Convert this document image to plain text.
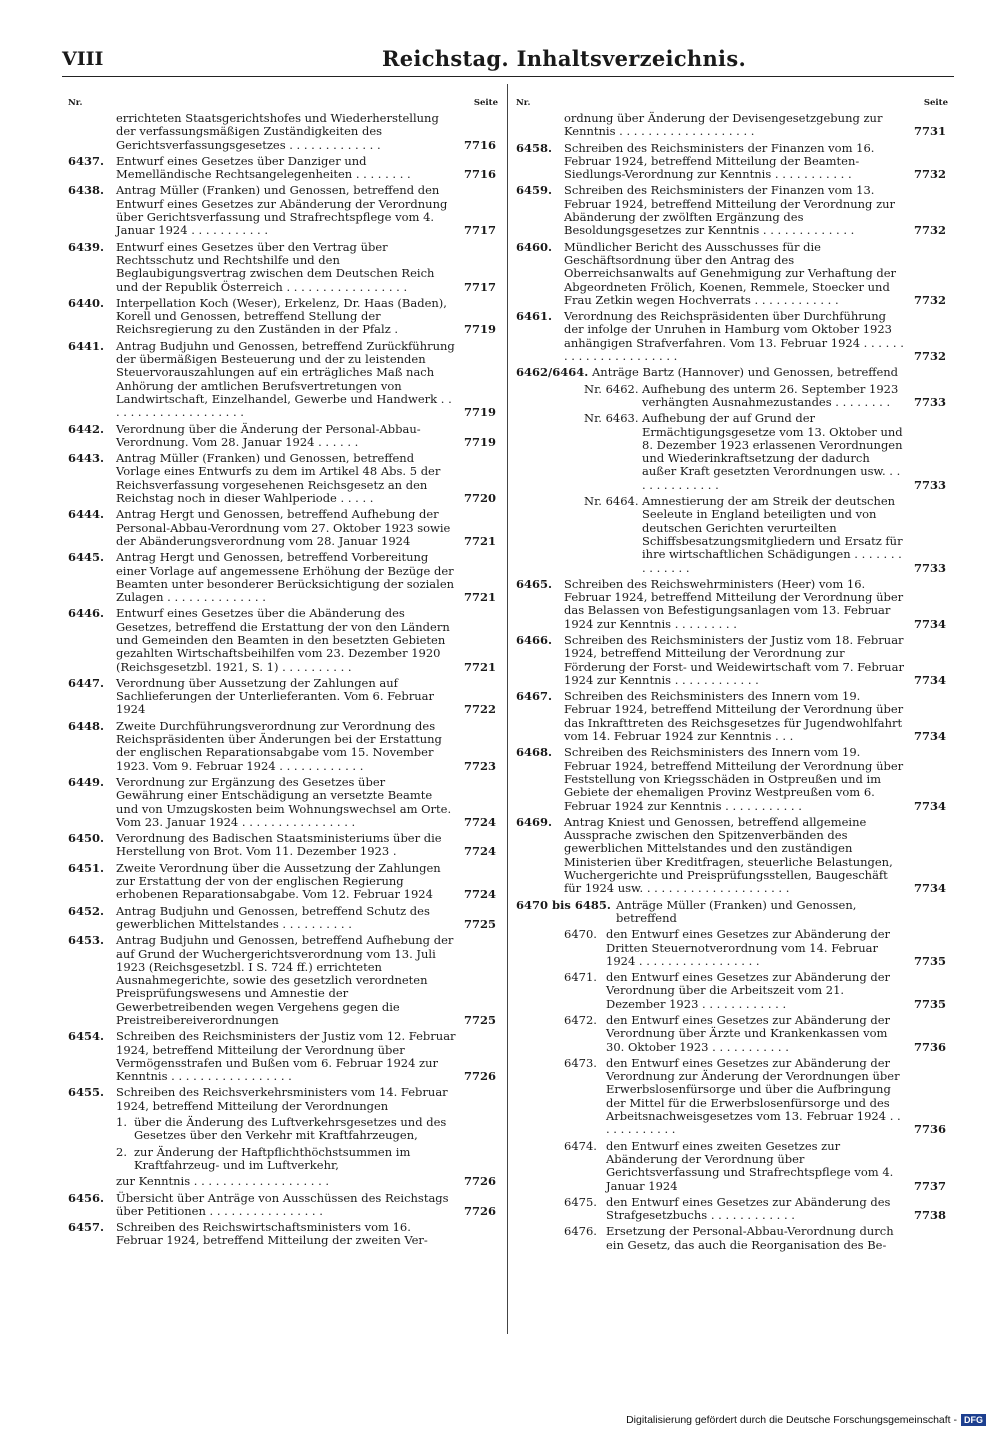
VIII	Reichstag. Inhaltsverzeichnis.
Nr.	Seite
errichteten Staatsgerichtshofes und Wiederherstellung der verfassungsmäßigen Zuständigkeiten des Gerichtsverfassungsgesetzes . . . . . . . . . . . . .	7716
6437. Entwurf eines Gesetzes über Danziger und Memelländische Rechtsangelegenheiten . . . . . . . .	7716
6438. Antrag Müller (Franken) und Genossen, betreffend den Entwurf eines Gesetzes zur Abänderung der Verordnung über Gerichtsverfassung und Strafrechtspflege vom 4. Januar 1924 . . . . . . . . . . .	7717
6439. Entwurf eines Gesetzes über den Vertrag über Rechtsschutz und Rechtshilfe und den Beglaubigungsvertrag zwischen dem Deutschen Reich und der Republik Österreich . . . . . . . . . . . . . . . . .	7717
6440. Interpellation Koch (Weser), Erkelenz, Dr. Haas (Baden), Korell und Genossen, betreffend Stellung der Reichsregierung zu den Zuständen in der Pfalz .	7719
6441. Antrag Budjuhn und Genossen, betreffend Zurückführung der übermäßigen Besteuerung und der zu leistenden Steuervorauszahlungen auf ein erträgliches Maß nach Anhörung der amtlichen Berufsvertretungen von Landwirtschaft, Einzelhandel, Gewerbe und Handwerk . . . . . . . . . . . . . . . . . . . .	7719
6442. Verordnung über die Änderung der Personal-Abbau-Verordnung. Vom 28. Januar 1924 . . . . . .	7719
6443. Antrag Müller (Franken) und Genossen, betreffend Vorlage eines Entwurfs zu dem im Artikel 48 Abs. 5 der Reichsverfassung vorgesehenen Reichsgesetz an den Reichstag noch in dieser Wahlperiode . . . . .	7720
6444. Antrag Hergt und Genossen, betreffend Aufhebung der Personal-Abbau-Verordnung vom 27. Oktober 1923 sowie der Abänderungsverordnung vom 28. Januar 1924	7721
6445. Antrag Hergt und Genossen, betreffend Vorbereitung einer Vorlage auf angemessene Erhöhung der Bezüge der Beamten unter besonderer Berücksichtigung der sozialen Zulagen . . . . . . . . . . . . . .	7721
6446. Entwurf eines Gesetzes über die Abänderung des Gesetzes, betreffend die Erstattung der von den Ländern und Gemeinden den Beamten in den besetzten Gebieten gezahlten Wirtschaftsbeihilfen vom 23. Dezember 1920 (Reichsgesetzbl. 1921, S. 1) . . . . . . . . . .	7721
6447. Verordnung über Aussetzung der Zahlungen auf Sachlieferungen der Unterlieferanten. Vom 6. Februar 1924	7722
6448. Zweite Durchführungsverordnung zur Verordnung des Reichspräsidenten über Änderungen bei der Erstattung der englischen Reparationsabgabe vom 15. November 1923. Vom 9. Februar 1924 . . . . . . . . . . . .	7723
6449. Verordnung zur Ergänzung des Gesetzes über Gewährung einer Entschädigung an versetzte Beamte und von Umzugskosten beim Wohnungswechsel am Orte. Vom 23. Januar 1924 . . . . . . . . . . . . . . . .	7724
6450. Verordnung des Badischen Staatsministeriums über die Herstellung von Brot. Vom 11. Dezember 1923 .	7724
6451. Zweite Verordnung über die Aussetzung der Zahlungen zur Erstattung der von der englischen Regierung erhobenen Reparationsabgabe. Vom 12. Februar 1924	7724
6452. Antrag Budjuhn und Genossen, betreffend Schutz des gewerblichen Mittelstandes . . . . . . . . . .	7725
6453. Antrag Budjuhn und Genossen, betreffend Aufhebung der auf Grund der Wuchergerichtsverordnung vom 13. Juli 1923 (Reichsgesetzbl. I S. 724 ff.) errichteten Ausnahmegerichte, sowie des gesetzlich verordneten Preisprüfungswesens und Amnestie der Gewerbetreibenden wegen Vergehens gegen die Preistreibereiverordnungen	7725
6454. Schreiben des Reichsministers der Justiz vom 12. Februar 1924, betreffend Mitteilung der Verordnung über Vermögensstrafen und Bußen vom 6. Februar 1924 zur Kenntnis . . . . . . . . . . . . . . . . .	7726
6455. Schreiben des Reichsverkehrsministers vom 14. Februar 1924, betreffend Mitteilung der Verordnungen
1. über die Änderung des Luftverkehrsgesetzes und des Gesetzes über den Verkehr mit Kraftfahrzeugen,
2. zur Änderung der Haftpflichthöchstsummen im Kraftfahrzeug- und im Luftverkehr,
zur Kenntnis . . . . . . . . . . . . . . . . . . .	7726
6456. Übersicht über Anträge von Ausschüssen des Reichstags über Petitionen . . . . . . . . . . . . . . . .	7726
6457. Schreiben des Reichswirtschaftsministers vom 16. Februar 1924, betreffend Mitteilung der zweiten Ver-
Nr.	Seite
ordnung über Änderung der Devisengesetzgebung zur Kenntnis . . . . . . . . . . . . . . . . . . .	7731
6458. Schreiben des Reichsministers der Finanzen vom 16. Februar 1924, betreffend Mitteilung der Beamten-Siedlungs-Verordnung zur Kenntnis . . . . . . . . . . .	7732
6459. Schreiben des Reichsministers der Finanzen vom 13. Februar 1924, betreffend Mitteilung der Verordnung zur Abänderung der zwölften Ergänzung des Besoldungsgesetzes zur Kenntnis . . . . . . . . . . . . .	7732
6460. Mündlicher Bericht des Ausschusses für die Geschäftsordnung über den Antrag des Oberreichsanwalts auf Genehmigung zur Verhaftung der Abgeordneten Frölich, Koenen, Remmele, Stoecker und Frau Zetkin wegen Hochverrats . . . . . . . . . . . .	7732
6461. Verordnung des Reichspräsidenten über Durchführung der infolge der Unruhen in Hamburg vom Oktober 1923 anhängigen Strafverfahren. Vom 13. Februar 1924 . . . . . . . . . . . . . . . . . . . . . .	7732
6462/6464. Anträge Bartz (Hannover) und Genossen, betreffend
Nr. 6462. Aufhebung des unterm 26. September 1923 verhängten Ausnahmezustandes . . . . . . . .	7733
Nr. 6463. Aufhebung der auf Grund der Ermächtigungsgesetze vom 13. Oktober und 8. Dezember 1923 erlassenen Verordnungen und Wiederinkraftsetzung der dadurch außer Kraft gesetzten Verordnungen usw. . . . . . . . . . . . . .	7733
Nr. 6464. Amnestierung der am Streik der deutschen Seeleute in England beteiligten und von deutschen Gerichten verurteilten Schiffsbesatzungsmitgliedern und Ersatz für ihre wirtschaftlichen Schädigungen . . . . . . . . . . . . . .	7733
6465. Schreiben des Reichswehrministers (Heer) vom 16. Februar 1924, betreffend Mitteilung der Verordnung über das Belassen von Befestigungsanlagen vom 13. Februar 1924 zur Kenntnis . . . . . . . . .	7734
6466. Schreiben des Reichsministers der Justiz vom 18. Februar 1924, betreffend Mitteilung der Verordnung zur Förderung der Forst- und Weidewirtschaft vom 7. Februar 1924 zur Kenntnis . . . . . . . . . . . .	7734
6467. Schreiben des Reichsministers des Innern vom 19. Februar 1924, betreffend Mitteilung der Verordnung über das Inkrafttreten des Reichsgesetzes für Jugendwohlfahrt vom 14. Februar 1924 zur Kenntnis . . .	7734
6468. Schreiben des Reichsministers des Innern vom 19. Februar 1924, betreffend Mitteilung der Verordnung über Feststellung von Kriegsschäden in Ostpreußen und im Gebiete der ehemaligen Provinz Westpreußen vom 6. Februar 1924 zur Kenntnis . . . . . . . . . . .	7734
6469. Antrag Kniest und Genossen, betreffend allgemeine Aussprache zwischen den Spitzenverbänden des gewerblichen Mittelstandes und den zuständigen Ministerien über Kreditfragen, steuerliche Belastungen, Wuchergerichte und Preisprüfungsstellen, Baugeschäft für 1924 usw. . . . . . . . . . . . . . . . . . . . .	7734
6470 bis 6485. Anträge Müller (Franken) und Genossen, betreffend
6470. den Entwurf eines Gesetzes zur Abänderung der Dritten Steuernotverordnung vom 14. Februar 1924 . . . . . . . . . . . . . . . . .	7735
6471. den Entwurf eines Gesetzes zur Abänderung der Verordnung über die Arbeitszeit vom 21. Dezember 1923 . . . . . . . . . . . .	7735
6472. den Entwurf eines Gesetzes zur Abänderung der Verordnung über Ärzte und Krankenkassen vom 30. Oktober 1923 . . . . . . . . . . .	7736
6473. den Entwurf eines Gesetzes zur Abänderung der Verordnung zur Änderung der Verordnungen über Erwerbslosenfürsorge und über die Aufbringung der Mittel für die Erwerbslosenfürsorge und des Arbeitsnachweisgesetzes vom 13. Februar 1924 . . . . . . . . . . . .	7736
6474. den Entwurf eines zweiten Gesetzes zur Abänderung der Verordnung über Gerichtsverfassung und Strafrechtspflege vom 4. Januar 1924	7737
6475. den Entwurf eines Gesetzes zur Abänderung des Strafgesetzbuchs . . . . . . . . . . . .	7738
6476. Ersetzung der Personal-Abbau-Verordnung durch ein Gesetz, das auch die Reorganisation des Be-
Digitalisierung gefördert durch die Deutsche Forschungsgemeinschaft - DFG
